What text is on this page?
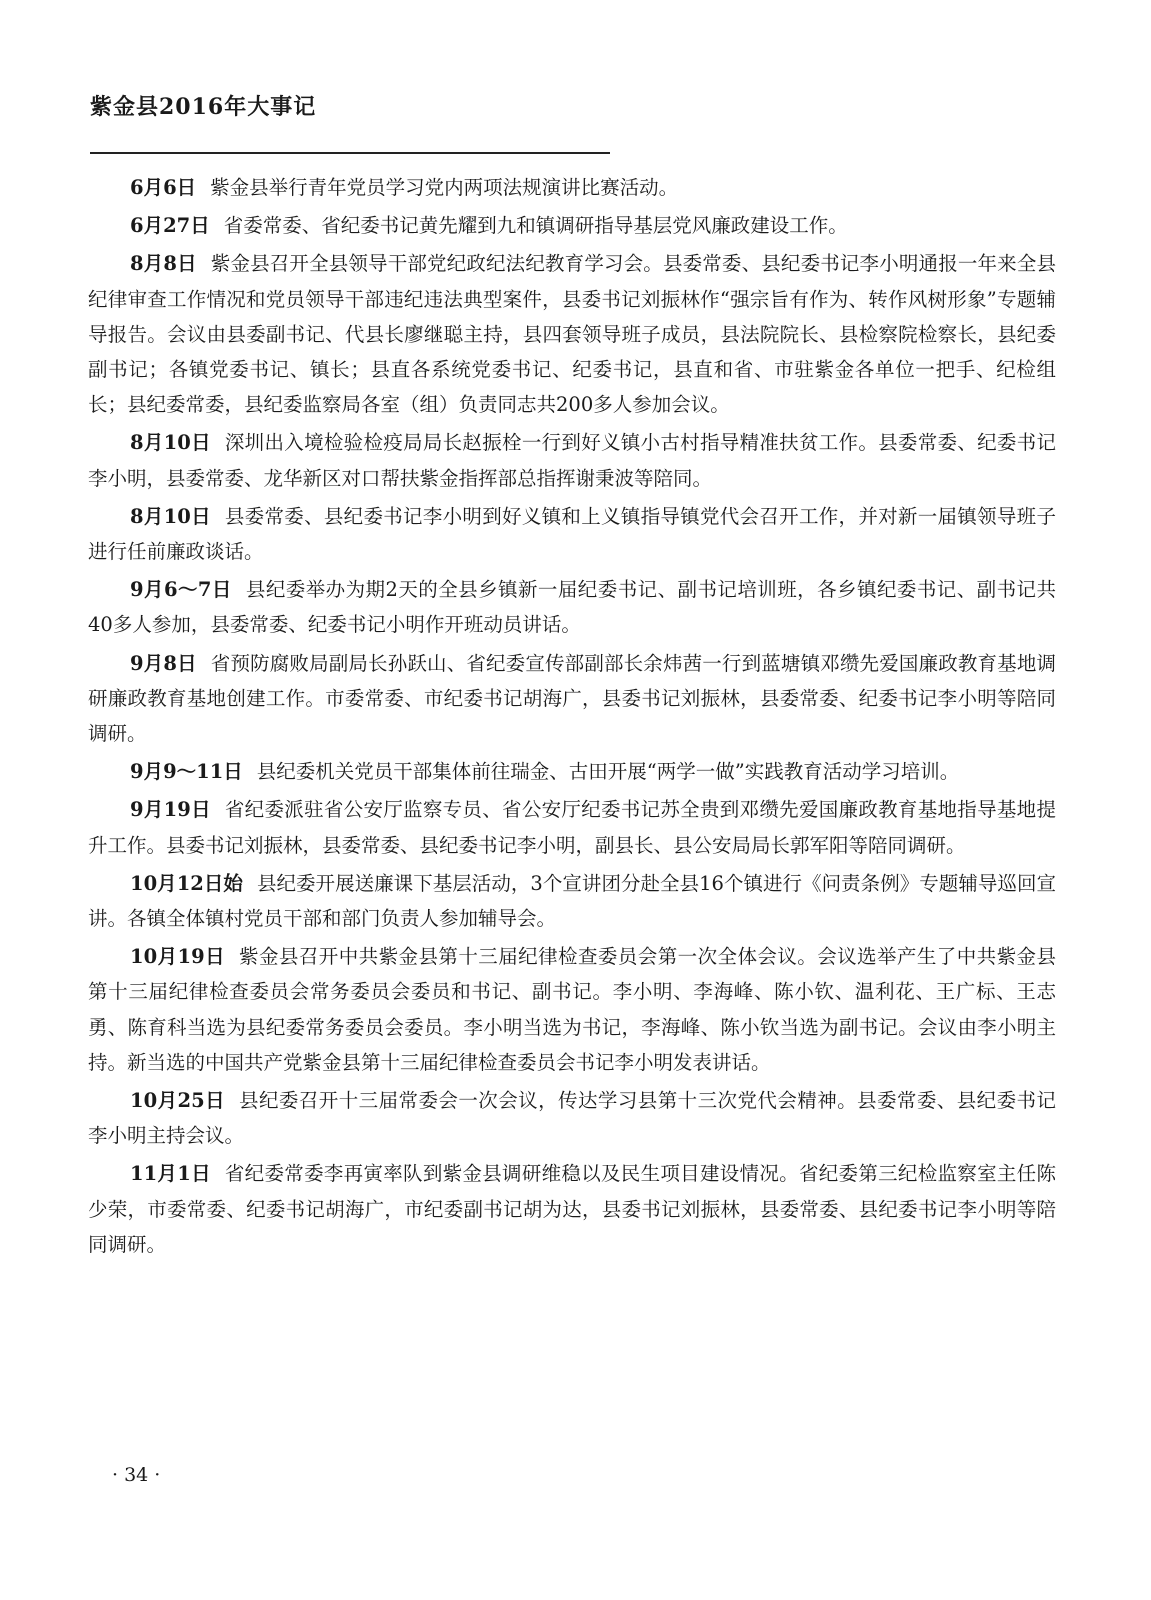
紫金县2016年大事记

6月6日 紫金县举行青年党员学习党内两项法规演讲比赛活动。

6月27日 省委常委、省纪委书记黄先耀到九和镇调研指导基层党风廉政建设工作。

8月8日 紫金县召开全县领导干部党纪政纪法纪教育学习会。县委常委、县纪委书记李小明通报一年来全县纪律审查工作情况和党员领导干部违纪违法典型案件，县委书记刘振林作“强宗旨有作为、转作风树形象”专题辅导报告。会议由县委副书记、代县长廖继聪主持，县四套领导班子成员，县法院院长、县检察院检察长，县纪委副书记；各镇党委书记、镇长；县直各系统党委书记、纪委书记，县直和省、市驻紫金各单位一把手、纪检组长；县纪委常委，县纪委监察局各室（组）负责同志共200多人参加会议。

8月10日 深圳出入境检验检疫局局长赵振栓一行到好义镇小古村指导精准扶贫工作。县委常委、纪委书记李小明，县委常委、龙华新区对口帮扶紫金指挥部总指挥谢秉波等陪同。

8月10日 县委常委、县纪委书记李小明到好义镇和上义镇指导镇党代会召开工作，并对新一届镇领导班子进行任前廉政谈话。

9月6～7日 县纪委举办为期2天的全县乡镇新一届纪委书记、副书记培训班，各乡镇纪委书记、副书记共40多人参加，县委常委、纪委书记小明作开班动员讲话。

9月8日 省预防腐败局副局长孙跃山、省纪委宣传部副部长余炜茜一行到蓝塘镇邓缵先爱国廉政教育基地调研廉政教育基地创建工作。市委常委、市纪委书记胡海广，县委书记刘振林，县委常委、纪委书记李小明等陪同调研。

9月9～11日 县纪委机关党员干部集体前往瑞金、古田开展“两学一做”实践教育活动学习培训。

9月19日 省纪委派驻省公安厅监察专员、省公安厅纪委书记苏全贵到邓缵先爱国廉政教育基地指导基地提升工作。县委书记刘振林，县委常委、县纪委书记李小明，副县长、县公安局局长郭军阳等陪同调研。

10月12日始 县纪委开展送廉课下基层活动，3个宣讲团分赴全县16个镇进行《问责条例》专题辅导巡回宣讲。各镇全体镇村党员干部和部门负责人参加辅导会。

10月19日 紫金县召开中共紫金县第十三届纪律检查委员会第一次全体会议。会议选举产生了中共紫金县第十三届纪律检查委员会常务委员会委员和书记、副书记。李小明、李海峰、陈小钦、温利花、王广标、王志勇、陈育科当选为县纪委常务委员会委员。李小明当选为书记，李海峰、陈小钦当选为副书记。会议由李小明主持。新当选的中国共产党紫金县第十三届纪律检查委员会书记李小明发表讲话。

10月25日 县纪委召开十三届常委会一次会议，传达学习县第十三次党代会精神。县委常委、县纪委书记李小明主持会议。

11月1日 省纪委常委李再寅率队到紫金县调研维稳以及民生项目建设情况。省纪委第三纪检监察室主任陈少荣，市委常委、纪委书记胡海广，市纪委副书记胡为达，县委书记刘振林，县委常委、县纪委书记李小明等陪同调研。

· 34 ·
